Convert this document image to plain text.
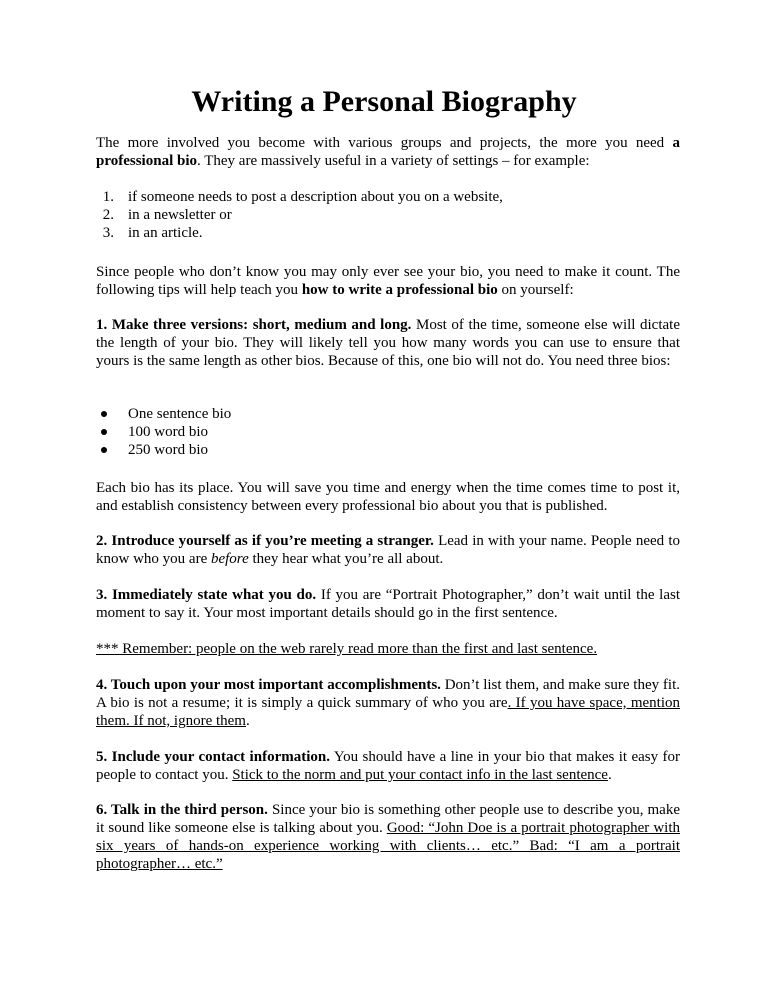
Writing a Personal Biography

The more involved you become with various groups and projects, the more you need a professional bio. They are massively useful in a variety of settings – for example:

1. if someone needs to post a description about you on a website,
2. in a newsletter or
3. in an article.

Since people who don’t know you may only ever see your bio, you need to make it count. The following tips will help teach you how to write a professional bio on yourself:

1. Make three versions: short, medium and long. Most of the time, someone else will dictate the length of your bio. They will likely tell you how many words you can use to ensure that yours is the same length as other bios. Because of this, one bio will not do. You need three bios:

One sentence bio
100 word bio
250 word bio

Each bio has its place. You will save you time and energy when the time comes time to post it, and establish consistency between every professional bio about you that is published.

2. Introduce yourself as if you’re meeting a stranger. Lead in with your name. People need to know who you are before they hear what you’re all about.

3. Immediately state what you do. If you are “Portrait Photographer,” don’t wait until the last moment to say it. Your most important details should go in the first sentence.

*** Remember: people on the web rarely read more than the first and last sentence.

4. Touch upon your most important accomplishments. Don’t list them, and make sure they fit. A bio is not a resume; it is simply a quick summary of who you are. If you have space, mention them. If not, ignore them.

5. Include your contact information. You should have a line in your bio that makes it easy for people to contact you. Stick to the norm and put your contact info in the last sentence.

6. Talk in the third person. Since your bio is something other people use to describe you, make it sound like someone else is talking about you. Good: “John Doe is a portrait photographer with six years of hands-on experience working with clients… etc.” Bad: “I am a portrait photographer… etc.”
